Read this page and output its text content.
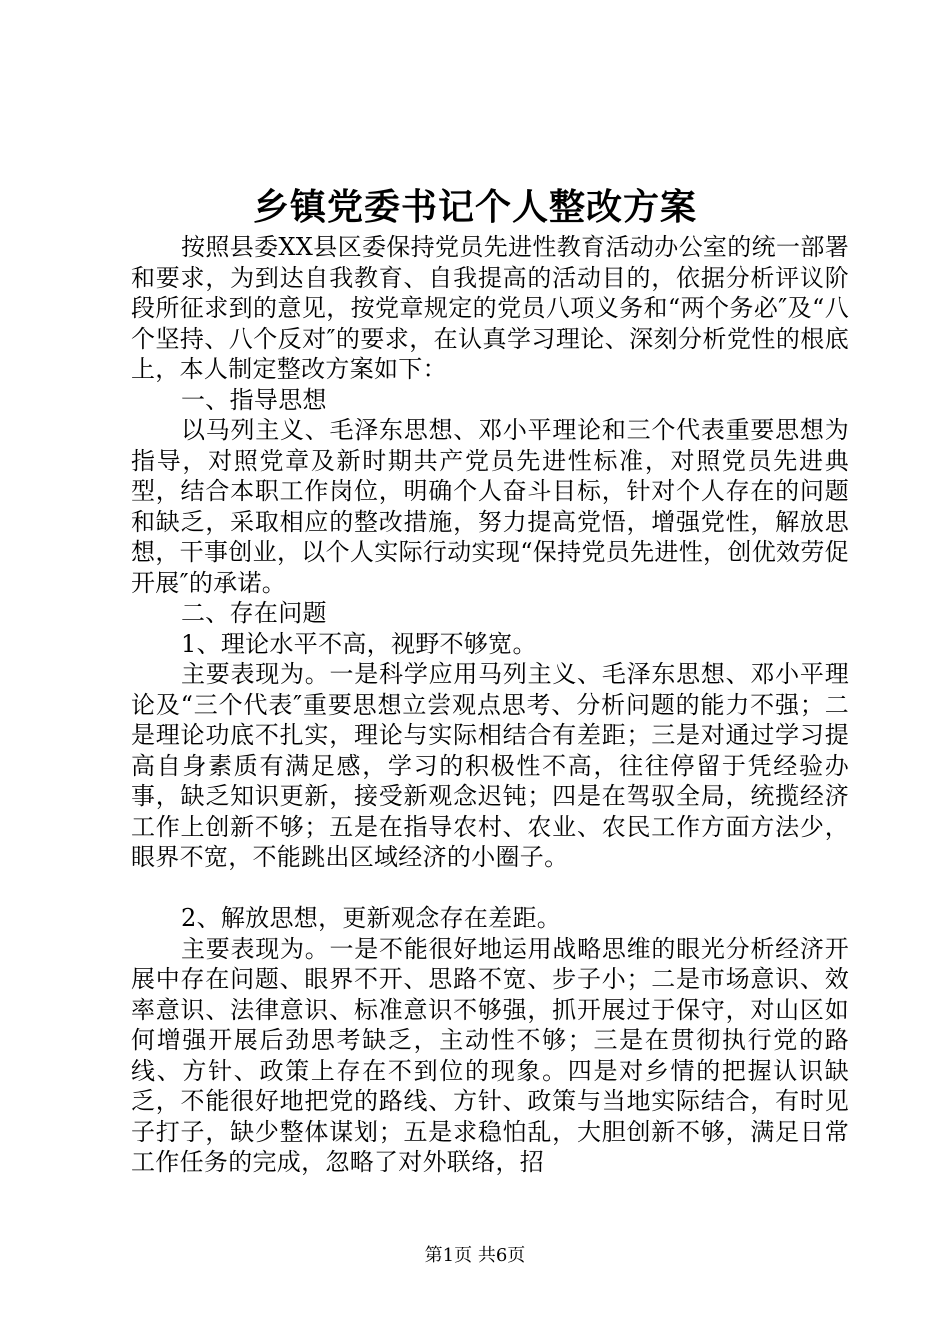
乡镇党委书记个人整改方案

按照县委XX县区委保持党员先进性教育活动办公室的统一部署和要求，为到达自我教育、自我提高的活动目的，依据分析评议阶段所征求到的意见，按党章规定的党员八项义务和“两个务必″及“八个坚持、八个反对″的要求，在认真学习理论、深刻分析党性的根底上，本人制定整改方案如下：

一、指导思想

以马列主义、毛泽东思想、邓小平理论和三个代表重要思想为指导，对照党章及新时期共产党员先进性标准，对照党员先进典型，结合本职工作岗位，明确个人奋斗目标，针对个人存在的问题和缺乏，采取相应的整改措施，努力提高党悟，增强党性，解放思想，干事创业，以个人实际行动实现“保持党员先进性，创优效劳促开展″的承诺。

二、存在问题

1、理论水平不高，视野不够宽。

主要表现为。一是科学应用马列主义、毛泽东思想、邓小平理论及“三个代表″重要思想立尝观点思考、分析问题的能力不强；二是理论功底不扎实，理论与实际相结合有差距；三是对通过学习提高自身素质有满足感，学习的积极性不高，往往停留于凭经验办事，缺乏知识更新，接受新观念迟钝；四是在驾驭全局，统揽经济工作上创新不够；五是在指导农村、农业、农民工作方面方法少，眼界不宽，不能跳出区域经济的小圈子。

2、解放思想，更新观念存在差距。

主要表现为。一是不能很好地运用战略思维的眼光分析经济开展中存在问题、眼界不开、思路不宽、步子小；二是市场意识、效率意识、法律意识、标准意识不够强，抓开展过于保守，对山区如何增强开展后劲思考缺乏，主动性不够；三是在贯彻执行党的路线、方针、政策上存在不到位的现象。四是对乡情的把握认识缺乏，不能很好地把党的路线、方针、政策与当地实际结合，有时见子打子，缺少整体谋划；五是求稳怕乱，大胆创新不够，满足日常工作任务的完成，忽略了对外联络，招

第1页 共6页
